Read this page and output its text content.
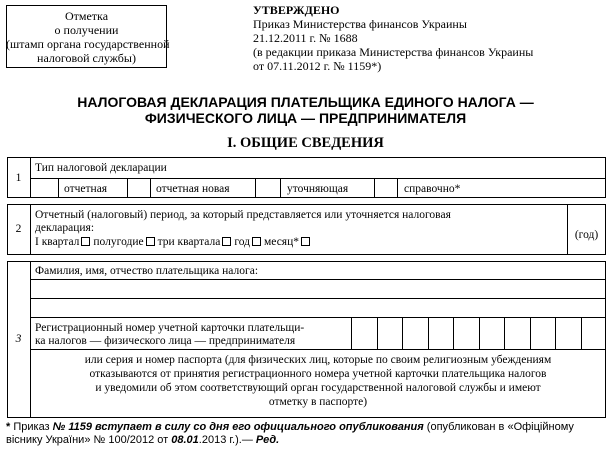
Отметка
о получении
(штамп органа государственной
налоговой службы)
УТВЕРЖДЕНО
Приказ Министерства финансов Украины
21.12.2011 г. № 1688
(в редакции приказа Министерства финансов Украины
от 07.11.2012 г. № 1159*)
НАЛОГОВАЯ ДЕКЛАРАЦИЯ ПЛАТЕЛЬЩИКА ЕДИНОГО НАЛОГА —
ФИЗИЧЕСКОГО ЛИЦА — ПРЕДПРИНИМАТЕЛЯ
I. ОБЩИЕ СВЕДЕНИЯ
1
Тип налоговой декларации
отчетная	отчетная новая	уточняющая	справочно*
2
Отчетный (налоговый) период, за который представляется или уточняется налоговая
декларация:
I квартал полугодие три квартала год месяц*
(год)
3
Фамилия, имя, отчество плательщика налога:
Регистрационный номер учетной карточки плательщи-
ка налогов — физического лица — предпринимателя
или серия и номер паспорта (для физических лиц, которые по своим религиозным убеждениям
отказываются от принятия регистрационного номера учетной карточки плательщика налогов
и уведомили об этом соответствующий орган государственной налоговой службы и имеют
отметку в паспорте)
* Приказ № 1159 вступает в силу со дня его официального опубликования (опубликован в «Офіційному
віснику України» № 100/2012 от 08.01.2013 г.).— Ред.
